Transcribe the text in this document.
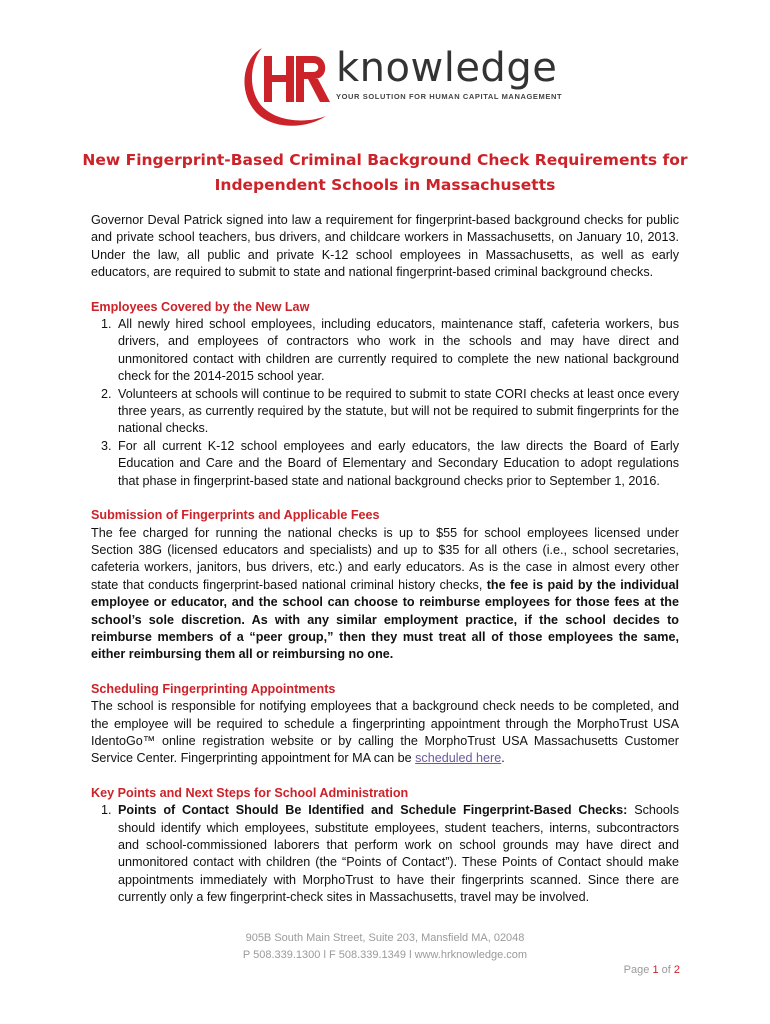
knowledge
YOUR SOLUTION FOR HUMAN CAPITAL MANAGEMENT
New Fingerprint-Based Criminal Background Check Requirements for
Independent Schools in Massachusetts

Governor Deval Patrick signed into law a requirement for fingerprint-based background checks for public and private school teachers, bus drivers, and childcare workers in Massachusetts, on January 10, 2013. Under the law, all public and private K-12 school employees in Massachusetts, as well as early educators, are required to submit to state and national fingerprint-based criminal background checks.

Employees Covered by the New Law

1. All newly hired school employees, including educators, maintenance staff, cafeteria workers, bus drivers, and employees of contractors who work in the schools and may have direct and unmonitored contact with children are currently required to complete the new national background check for the 2014-2015 school year.
2. Volunteers at schools will continue to be required to submit to state CORI checks at least once every three years, as currently required by the statute, but will not be required to submit fingerprints for the national checks.
3. For all current K-12 school employees and early educators, the law directs the Board of Early Education and Care and the Board of Elementary and Secondary Education to adopt regulations that phase in fingerprint-based state and national background checks prior to September 1, 2016.

Submission of Fingerprints and Applicable Fees

The fee charged for running the national checks is up to $55 for school employees licensed under Section 38G (licensed educators and specialists) and up to $35 for all others (i.e., school secretaries, cafeteria workers, janitors, bus drivers, etc.) and early educators. As is the case in almost every other state that conducts fingerprint-based national criminal history checks, the fee is paid by the individual employee or educator, and the school can choose to reimburse employees for those fees at the school’s sole discretion. As with any similar employment practice, if the school decides to reimburse members of a “peer group,” then they must treat all of those employees the same, either reimbursing them all or reimbursing no one.

Scheduling Fingerprinting Appointments

The school is responsible for notifying employees that a background check needs to be completed, and the employee will be required to schedule a fingerprinting appointment through the MorphoTrust USA IdentoGo™ online registration website or by calling the MorphoTrust USA Massachusetts Customer Service Center. Fingerprinting appointment for MA can be scheduled here.

Key Points and Next Steps for School Administration

1. Points of Contact Should Be Identified and Schedule Fingerprint-Based Checks: Schools should identify which employees, substitute employees, student teachers, interns, subcontractors and school-commissioned laborers that perform work on school grounds may have direct and unmonitored contact with children (the “Points of Contact”). These Points of Contact should make appointments immediately with MorphoTrust to have their fingerprints scanned. Since there are currently only a few fingerprint-check sites in Massachusetts, travel may be involved.
905B South Main Street, Suite 203, Mansfield MA, 02048
P 508.339.1300 l F 508.339.1349 l www.hrknowledge.com
Page 1 of 2
